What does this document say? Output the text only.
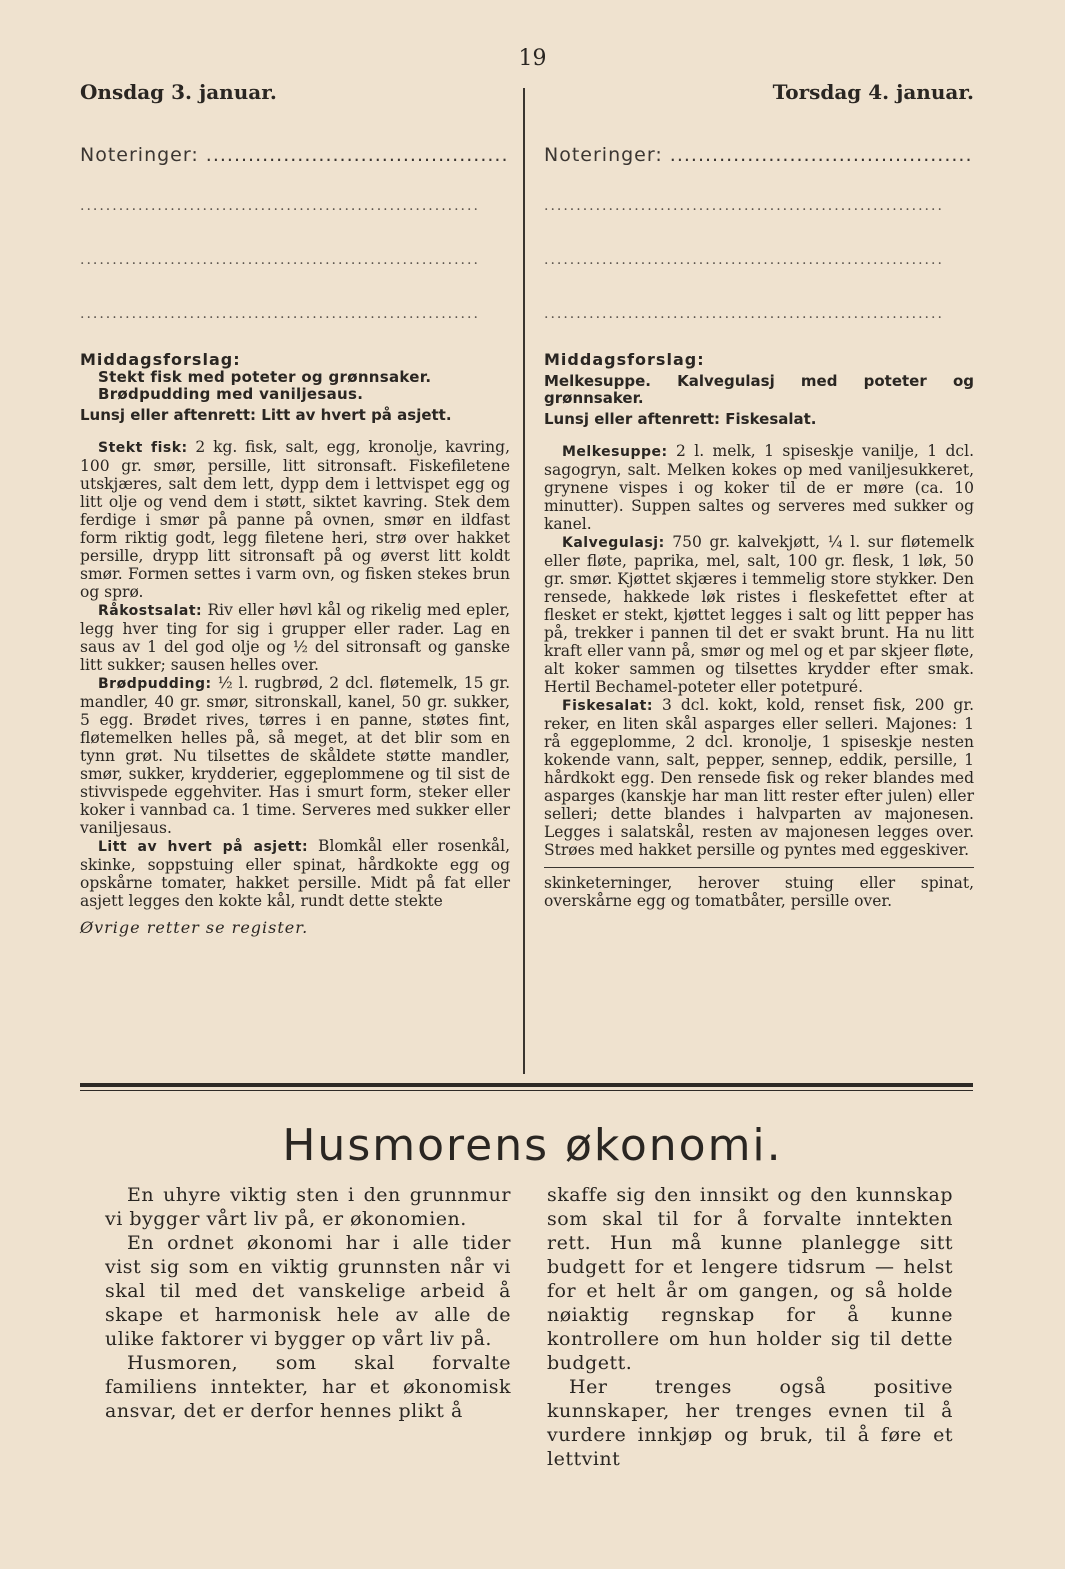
19
Onsdag 3. januar.
Noteringer: ...........................................
..............................................................
..............................................................
..............................................................
Middagsforslag:
Stekt fisk med poteter og grønnsaker.
Brødpudding med vaniljesaus.
Lunsj eller aftenrett: Litt av hvert på asjett.

Stekt fisk: 2 kg. fisk, salt, egg, kronolje, kavring, 100 gr. smør, persille, litt sitronsaft. Fiskefiletene utskjæres, salt dem lett, dypp dem i lettvispet egg og litt olje og vend dem i støtt, siktet kavring. Stek dem ferdige i smør på panne på ovnen, smør en ildfast form riktig godt, legg filetene heri, strø over hakket persille, drypp litt sitronsaft på og øverst litt koldt smør. Formen settes i varm ovn, og fisken stekes brun og sprø.

Råkostsalat: Riv eller høvl kål og rikelig med epler, legg hver ting for sig i grupper eller rader. Lag en saus av 1 del god olje og ½ del sitronsaft og ganske litt sukker; sausen helles over.

Brødpudding: ½ l. rugbrød, 2 dcl. fløtemelk, 15 gr. mandler, 40 gr. smør, sitronskall, kanel, 50 gr. sukker, 5 egg. Brødet rives, tørres i en panne, støtes fint, fløtemelken helles på, så meget, at det blir som en tynn grøt. Nu tilsettes de skåldete støtte mandler, smør, sukker, krydderier, eggeplommene og til sist de stivvispede eggehviter. Has i smurt form, steker eller koker i vannbad ca. 1 time. Serveres med sukker eller vaniljesaus.

Litt av hvert på asjett: Blomkål eller rosenkål, skinke, soppstuing eller spinat, hårdkokte egg og opskårne tomater, hakket persille. Midt på fat eller asjett legges den kokte kål, rundt dette stekte

Øvrige retter se register.
Torsdag 4. januar.
Noteringer: ...........................................
..............................................................
..............................................................
..............................................................
Middagsforslag:
Melkesuppe. Kalvegulasj med poteter og grønnsaker.
Lunsj eller aftenrett: Fiskesalat.

Melkesuppe: 2 l. melk, 1 spiseskje vanilje, 1 dcl. sagogryn, salt. Melken kokes op med vaniljesukkeret, grynene vispes i og koker til de er møre (ca. 10 minutter). Suppen saltes og serveres med sukker og kanel.

Kalvegulasj: 750 gr. kalvekjøtt, ¼ l. sur fløtemelk eller fløte, paprika, mel, salt, 100 gr. flesk, 1 løk, 50 gr. smør. Kjøttet skjæres i temmelig store stykker. Den rensede, hakkede løk ristes i fleskefettet efter at flesket er stekt, kjøttet legges i salt og litt pepper has på, trekker i pannen til det er svakt brunt. Ha nu litt kraft eller vann på, smør og mel og et par skjeer fløte, alt koker sammen og tilsettes krydder efter smak. Hertil Bechamel-poteter eller potetpuré.

Fiskesalat: 3 dcl. kokt, kold, renset fisk, 200 gr. reker, en liten skål asparges eller selleri. Majones: 1 rå eggeplomme, 2 dcl. kronolje, 1 spiseskje nesten kokende vann, salt, pepper, sennep, eddik, persille, 1 hårdkokt egg. Den rensede fisk og reker blandes med asparges (kanskje har man litt rester efter julen) eller selleri; dette blandes i halvparten av majonesen. Legges i salatskål, resten av majonesen legges over. Strøes med hakket persille og pyntes med eggeskiver.

skinketerninger, herover stuing eller spinat, overskårne egg og tomatbåter, persille over.
Husmorens økonomi.

En uhyre viktig sten i den grunnmur vi bygger vårt liv på, er økonomien.

En ordnet økonomi har i alle tider vist sig som en viktig grunnsten når vi skal til med det vanskelige arbeid å skape et harmonisk hele av alle de ulike faktorer vi bygger op vårt liv på.

Husmoren, som skal forvalte familiens inntekter, har et økonomisk ansvar, det er derfor hennes plikt å

skaffe sig den innsikt og den kunnskap som skal til for å forvalte inntekten rett. Hun må kunne planlegge sitt budgett for et lengere tidsrum — helst for et helt år om gangen, og så holde nøiaktig regnskap for å kunne kontrollere om hun holder sig til dette budgett.

Her trenges også positive kunnskaper, her trenges evnen til å vurdere innkjøp og bruk, til å føre et lettvint
